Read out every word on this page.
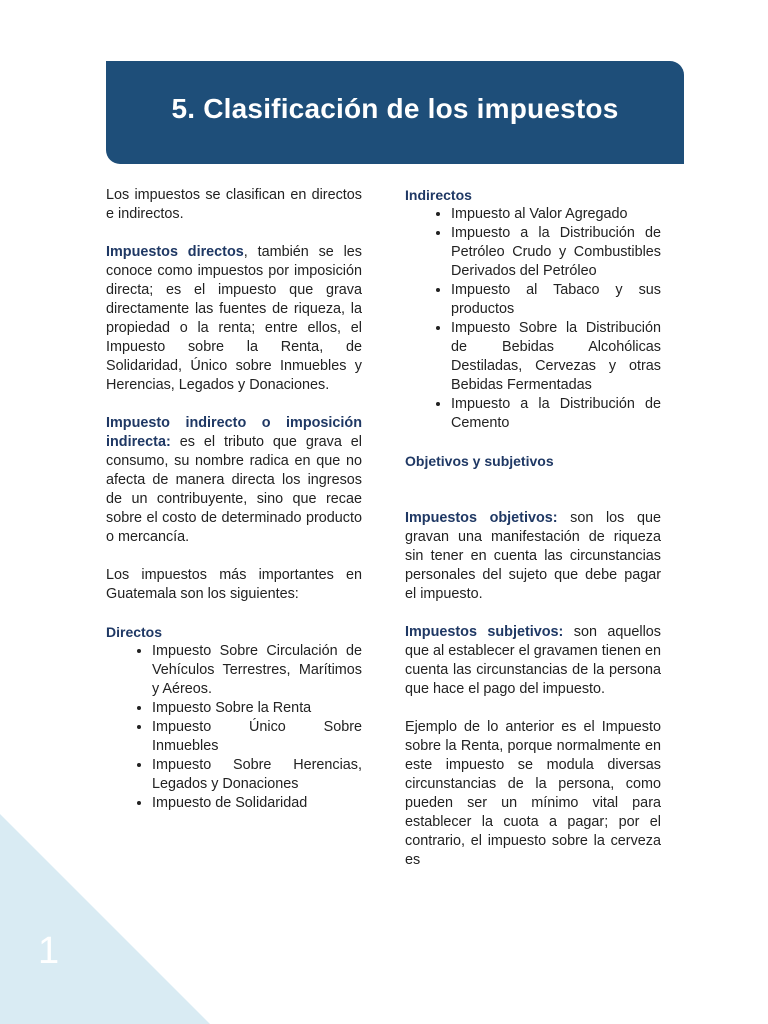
1
5. Clasificación de los impuestos

Los impuestos se clasifican en directos e indirectos.

Impuestos directos, también se les conoce como impuestos por imposición directa; es el impuesto que grava directamente las fuentes de riqueza, la propiedad o la renta; entre ellos, el Impuesto sobre la Renta, de Solidaridad, Único sobre Inmuebles y Herencias, Legados y Donaciones.

Impuesto indirecto o imposición indirecta: es el tributo que grava el consumo, su nombre radica en que no afecta de manera directa los ingresos de un contribuyente, sino que recae sobre el costo de determinado producto o mercancía.

Los impuestos más importantes en Guatemala son los siguientes:

Directos
• Impuesto Sobre Circulación de Vehículos Terrestres, Marítimos y Aéreos.
• Impuesto Sobre la Renta
• Impuesto Único Sobre Inmuebles
• Impuesto Sobre Herencias, Legados y Donaciones
• Impuesto de Solidaridad
Indirectos
• Impuesto al Valor Agregado
• Impuesto a la Distribución de Petróleo Crudo y Combustibles Derivados del Petróleo
• Impuesto al Tabaco y sus productos
• Impuesto Sobre la Distribución de Bebidas Alcohólicas Destiladas, Cervezas y otras Bebidas Fermentadas
• Impuesto a la Distribución de Cemento
Objetivos y subjetivos

Impuestos objetivos: son los que gravan una manifestación de riqueza sin tener en cuenta las circunstancias personales del sujeto que debe pagar el impuesto.

Impuestos subjetivos: son aquellos que al establecer el gravamen tienen en cuenta las circunstancias de la persona que hace el pago del impuesto.

Ejemplo de lo anterior es el Impuesto sobre la Renta, porque normalmente en este impuesto se modula diversas circunstancias de la persona, como pueden ser un mínimo vital para establecer la cuota a pagar; por el contrario, el impuesto sobre la cerveza es
